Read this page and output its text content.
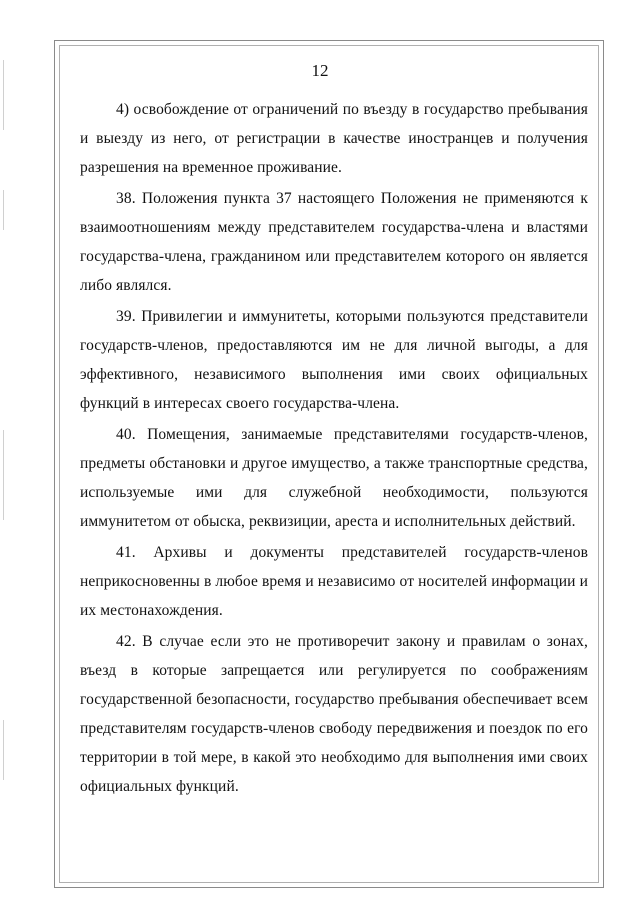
12

4) освобождение от ограничений по въезду в государство пребывания и выезду из него, от регистрации в качестве иностранцев и получения разрешения на временное проживание.

38. Положения пункта 37 настоящего Положения не применяются к взаимоотношениям между представителем государства-члена и властями государства-члена, гражданином или представителем которого он является либо являлся.

39. Привилегии и иммунитеты, которыми пользуются представители государств-членов, предоставляются им не для личной выгоды, а для эффективного, независимого выполнения ими своих официальных функций в интересах своего государства-члена.

40. Помещения, занимаемые представителями государств-членов, предметы обстановки и другое имущество, а также транспортные средства, используемые ими для служебной необходимости, пользуются иммунитетом от обыска, реквизиции, ареста и исполнительных действий.

41. Архивы и документы представителей государств-членов неприкосновенны в любое время и независимо от носителей информации и их местонахождения.

42. В случае если это не противоречит закону и правилам о зонах, въезд в которые запрещается или регулируется по соображениям государственной безопасности, государство пребывания обеспечивает всем представителям государств-членов свободу передвижения и поездок по его территории в той мере, в какой это необходимо для выполнения ими своих официальных функций.
